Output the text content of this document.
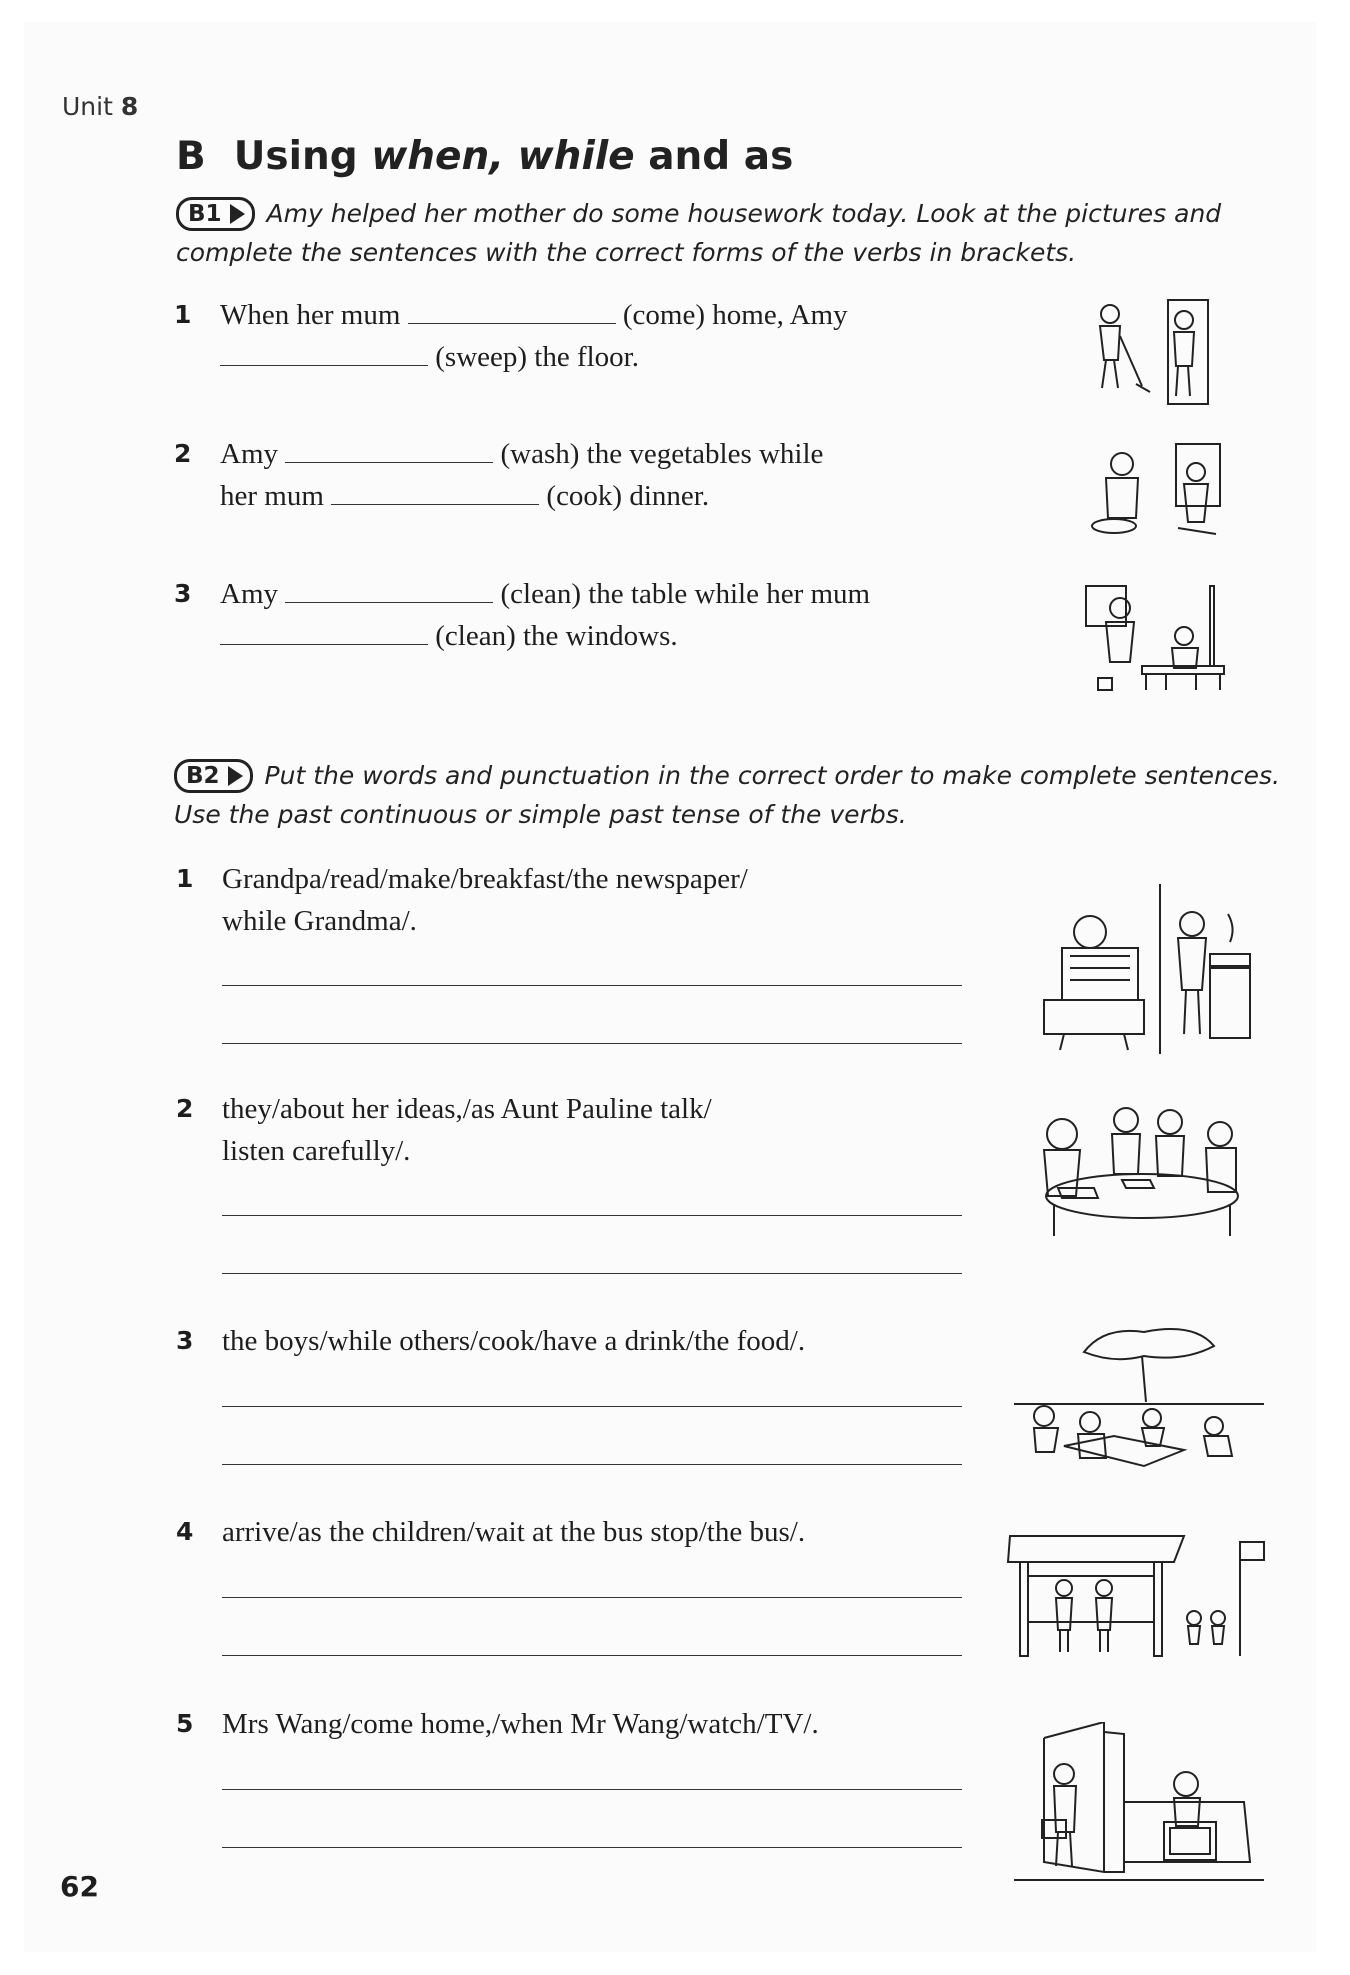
Unit 8
B Using when, while and as
B1 Amy helped her mother do some housework today. Look at the pictures and
complete the sentences with the correct forms of the verbs in brackets.
1 When her mum	(come) home, Amy
(sweep) the floor.
2 Amy	(wash) the vegetables while
her mum	(cook) dinner.
3 Amy	(clean) the table while her mum
(clean) the windows.
B2 Put the words and punctuation in the correct order to make complete sentences.
Use the past continuous or simple past tense of the verbs.
1 Grandpa/read/make/breakfast/the newspaper/
while Grandma/.
2 they/about her ideas,/as Aunt Pauline talk/
listen carefully/.
3 the boys/while others/cook/have a drink/the food/.
4 arrive/as the children/wait at the bus stop/the bus/.
5 Mrs Wang/come home,/when Mr Wang/watch/TV/.
62
